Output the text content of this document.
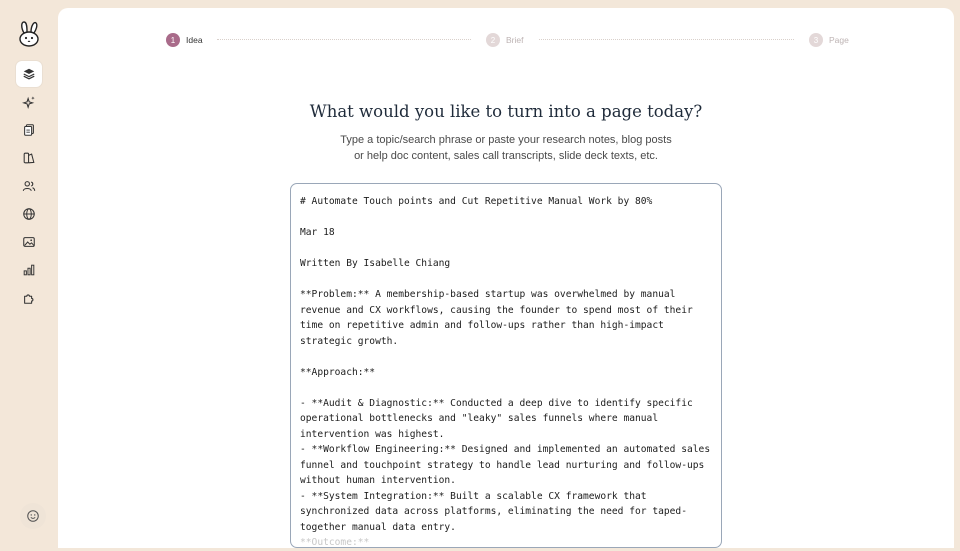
1	Idea	2	Brief	3	Page
What would you like to turn into a page today?
Type a topic/search phrase or paste your research notes, blog posts
or help doc content, sales call transcripts, slide deck texts, etc.
# Automate Touch points and Cut Repetitive Manual Work by 80%

Mar 18

Written By Isabelle Chiang

**Problem:** A membership-based startup was overwhelmed by manual revenue and CX workflows, causing the founder to spend most of their time on repetitive admin and follow-ups rather than high-impact strategic growth.

**Approach:**

- **Audit & Diagnostic:** Conducted a deep dive to identify specific operational bottlenecks and "leaky" sales funnels where manual intervention was highest.
- **Workflow Engineering:** Designed and implemented an automated sales funnel and touchpoint strategy to handle lead nurturing and follow-ups without human intervention.
- **System Integration:** Built a scalable CX framework that synchronized data across platforms, eliminating the need for taped-together manual data entry.
**Outcome:**
